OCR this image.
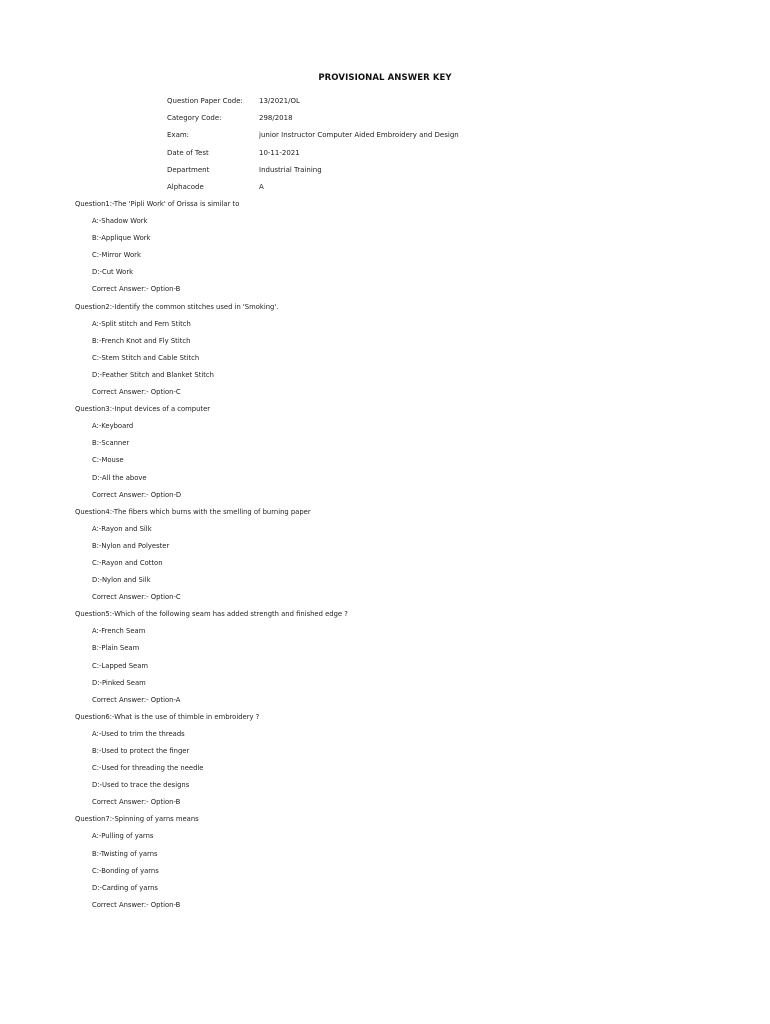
PROVISIONAL ANSWER KEY
Question Paper Code: 13/2021/OL
Category Code:	298/2018
Exam:	junior Instructor Computer Aided Embroidery and Design
Date of Test	10-11-2021
Department	Industrial Training
Alphacode	A
Question1:-The 'Pipli Work' of Orissa is similar to
A:-Shadow Work
B:-Applique Work
C:-Mirror Work
D:-Cut Work
Correct Answer:- Option-B
Question2:-Identify the common stitches used in 'Smoking'.
A:-Split stitch and Fern Stitch
B:-French Knot and Fly Stitch
C:-Stem Stitch and Cable Stitch
D:-Feather Stitch and Blanket Stitch
Correct Answer:- Option-C
Question3:-Input devices of a computer
A:-Keyboard
B:-Scanner
C:-Mouse
D:-All the above
Correct Answer:- Option-D
Question4:-The fibers which burns with the smelling of burning paper
A:-Rayon and Silk
B:-Nylon and Polyester
C:-Rayon and Cotton
D:-Nylon and Silk
Correct Answer:- Option-C
Question5:-Which of the following seam has added strength and finished edge ?
A:-French Seam
B:-Plain Seam
C:-Lapped Seam
D:-Pinked Seam
Correct Answer:- Option-A
Question6:-What is the use of thimble in embroidery ?
A:-Used to trim the threads
B:-Used to protect the finger
C:-Used for threading the needle
D:-Used to trace the designs
Correct Answer:- Option-B
Question7:-Spinning of yarns means
A:-Pulling of yarns
B:-Twisting of yarns
C:-Bonding of yarns
D:-Carding of yarns
Correct Answer:- Option-B
